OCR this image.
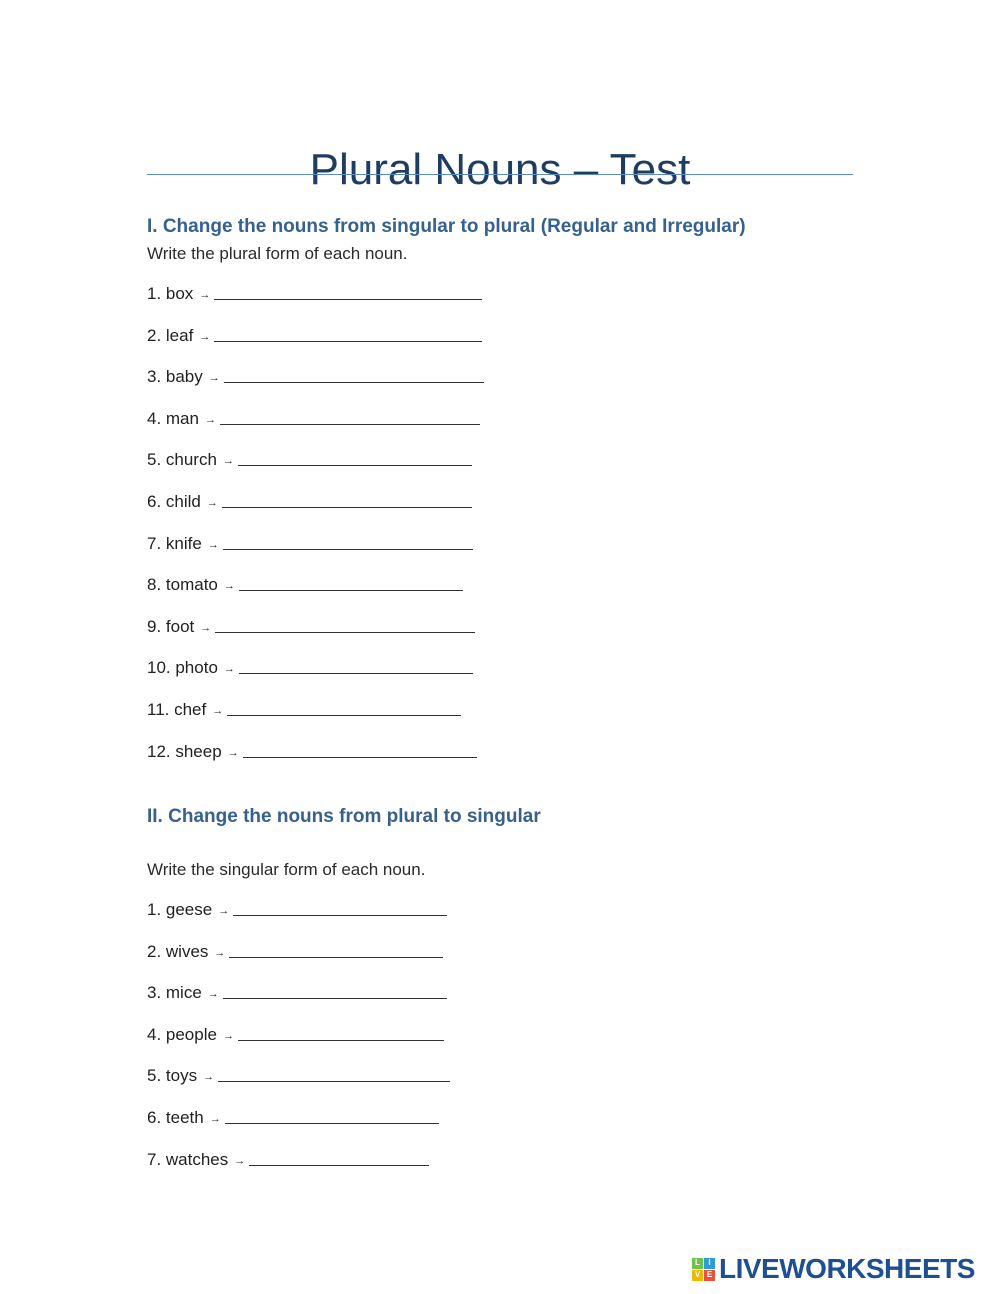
Plural Nouns – Test
I. Change the nouns from singular to plural (Regular and Irregular)
Write the plural form of each noun.
1. box →
2. leaf →
3. baby →
4. man →
5. church →
6. child →
7. knife →
8. tomato →
9. foot →
10. photo →
11. chef →
12. sheep →
II. Change the nouns from plural to singular
Write the singular form of each noun.
1. geese →
2. wives →
3. mice →
4. people →
5. toys →
6. teeth →
7. watches →
L	I
V E LIVEWORKSHEETS
